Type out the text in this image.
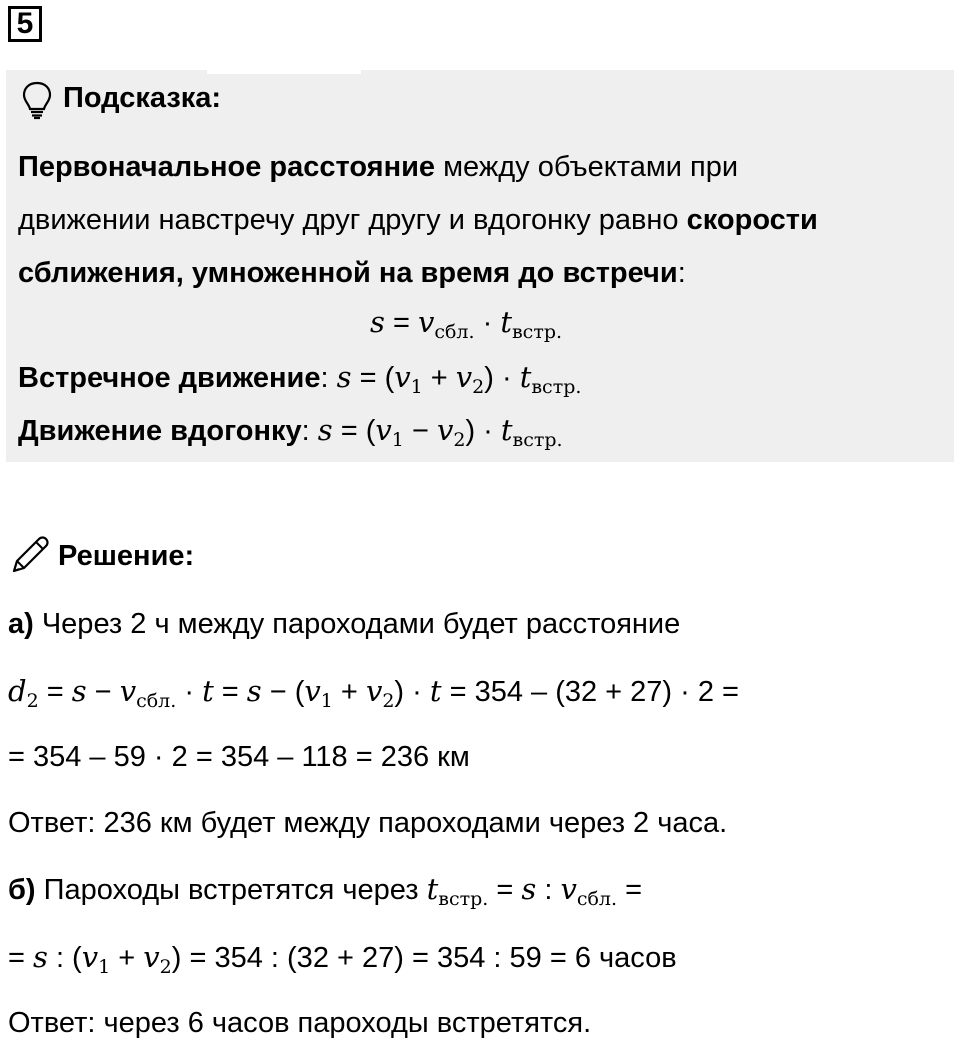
5
Подсказка:
Первоначальное расстояние между объектами при
движении навстречу друг другу и вдогонку равно скорости
сближения, умноженной на время до встречи:
$s = v_{сбл.} \cdot t_{встр.}$
Встречное движение: $s = (v_1 + v_2) \cdot t_{встр.}$
Движение вдогонку: $s = (v_1 - v_2) \cdot t_{встр.}$
Решение:
а) Через 2 ч между пароходами будет расстояние
$d_2 = s - v_{сбл.} \cdot t = s - (v_1 + v_2) \cdot t = 354 - (32 + 27) \cdot 2$ =
= 354 – 59 · 2 = 354 – 118 = 236 км
Ответ: 236 км будет между пароходами через 2 часа.
б) Пароходы встретятся через $t_{встр.} = s$ : $v_{сбл.}$ =
= s : $(v_1 + v_2) = 354$ : (32 + 27) = 354 : 59 = 6 часов
Ответ: через 6 часов пароходы встретятся.
